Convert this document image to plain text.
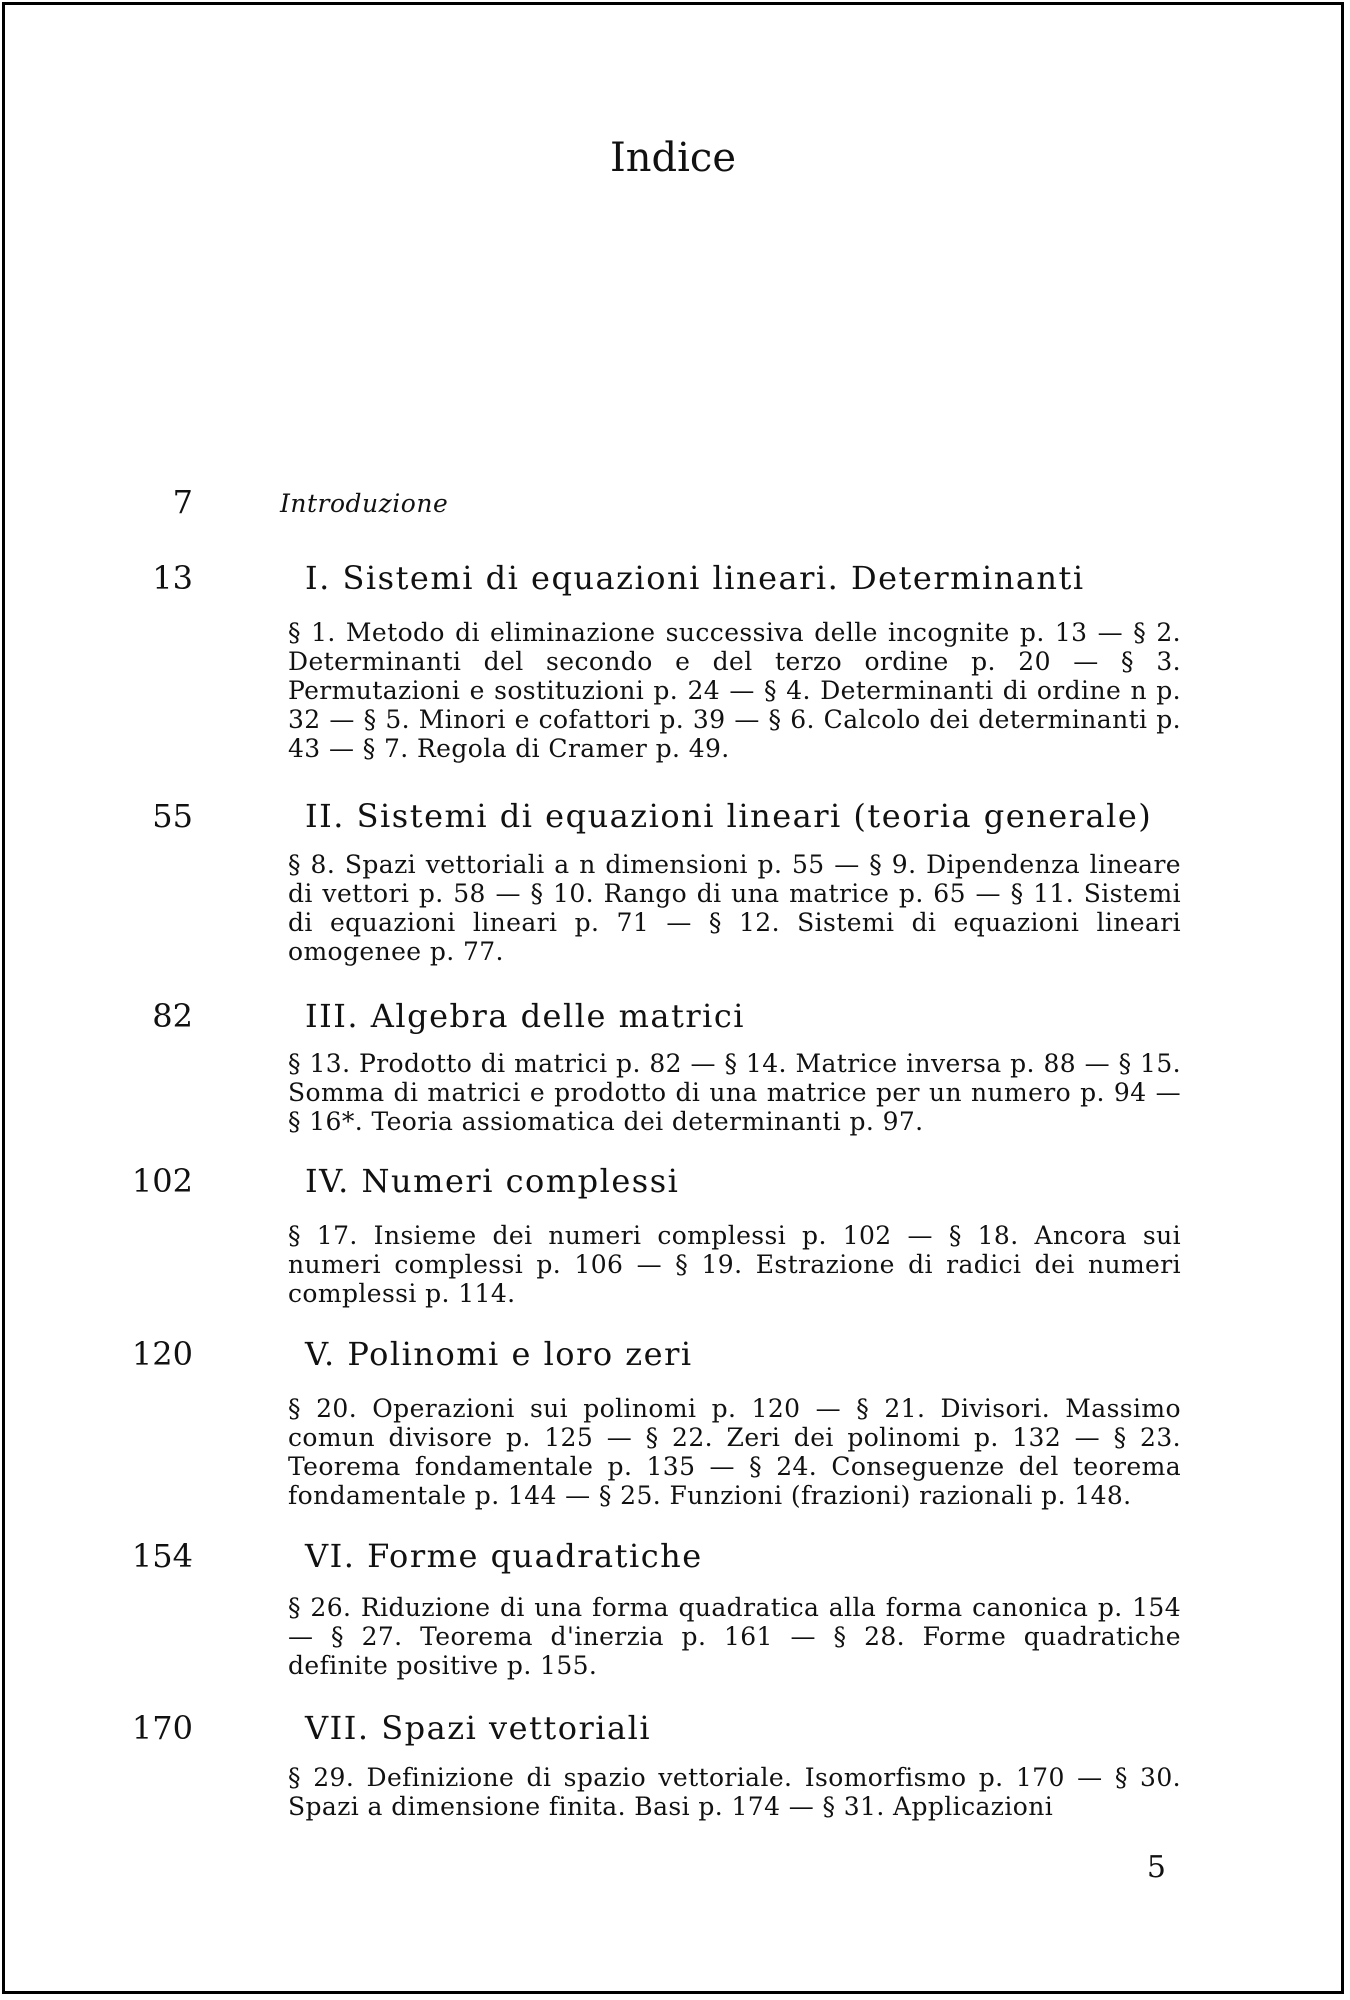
Indice
7	Introduzione
13	I. Sistemi di equazioni lineari. Determinanti
§ 1. Metodo di eliminazione successiva delle incognite p. 13 — § 2. Determinanti del secondo e del terzo ordine p. 20 — § 3. Permutazioni e sostituzioni p. 24 — § 4. Determinanti di ordine n p. 32 — § 5. Minori e cofattori p. 39 — § 6. Calcolo dei determinanti p. 43 — § 7. Regola di Cramer p. 49.
55	II. Sistemi di equazioni lineari (teoria generale)
§ 8. Spazi vettoriali a n dimensioni p. 55 — § 9. Dipendenza lineare di vettori p. 58 — § 10. Rango di una matrice p. 65 — § 11. Sistemi di equazioni lineari p. 71 — § 12. Sistemi di equazioni lineari omogenee p. 77.
82	III. Algebra delle matrici
§ 13. Prodotto di matrici p. 82 — § 14. Matrice inversa p. 88 — § 15. Somma di matrici e prodotto di una matrice per un numero p. 94 — § 16*. Teoria assiomatica dei determinanti p. 97.
102	IV. Numeri complessi
§ 17. Insieme dei numeri complessi p. 102 — § 18. Ancora sui numeri complessi p. 106 — § 19. Estrazione di radici dei numeri complessi p. 114.
120	V. Polinomi e loro zeri
§ 20. Operazioni sui polinomi p. 120 — § 21. Divisori. Massimo comun divisore p. 125 — § 22. Zeri dei polinomi p. 132 — § 23. Teorema fondamentale p. 135 — § 24. Conseguenze del teorema fondamentale p. 144 — § 25. Funzioni (frazioni) razionali p. 148.
154	VI. Forme quadratiche
§ 26. Riduzione di una forma quadratica alla forma canonica p. 154 — § 27. Teorema d'inerzia p. 161 — § 28. Forme quadratiche definite positive p. 155.
170	VII. Spazi vettoriali
§ 29. Definizione di spazio vettoriale. Isomorfismo p. 170 — § 30. Spazi a dimensione finita. Basi p. 174 — § 31. Applicazioni
5
